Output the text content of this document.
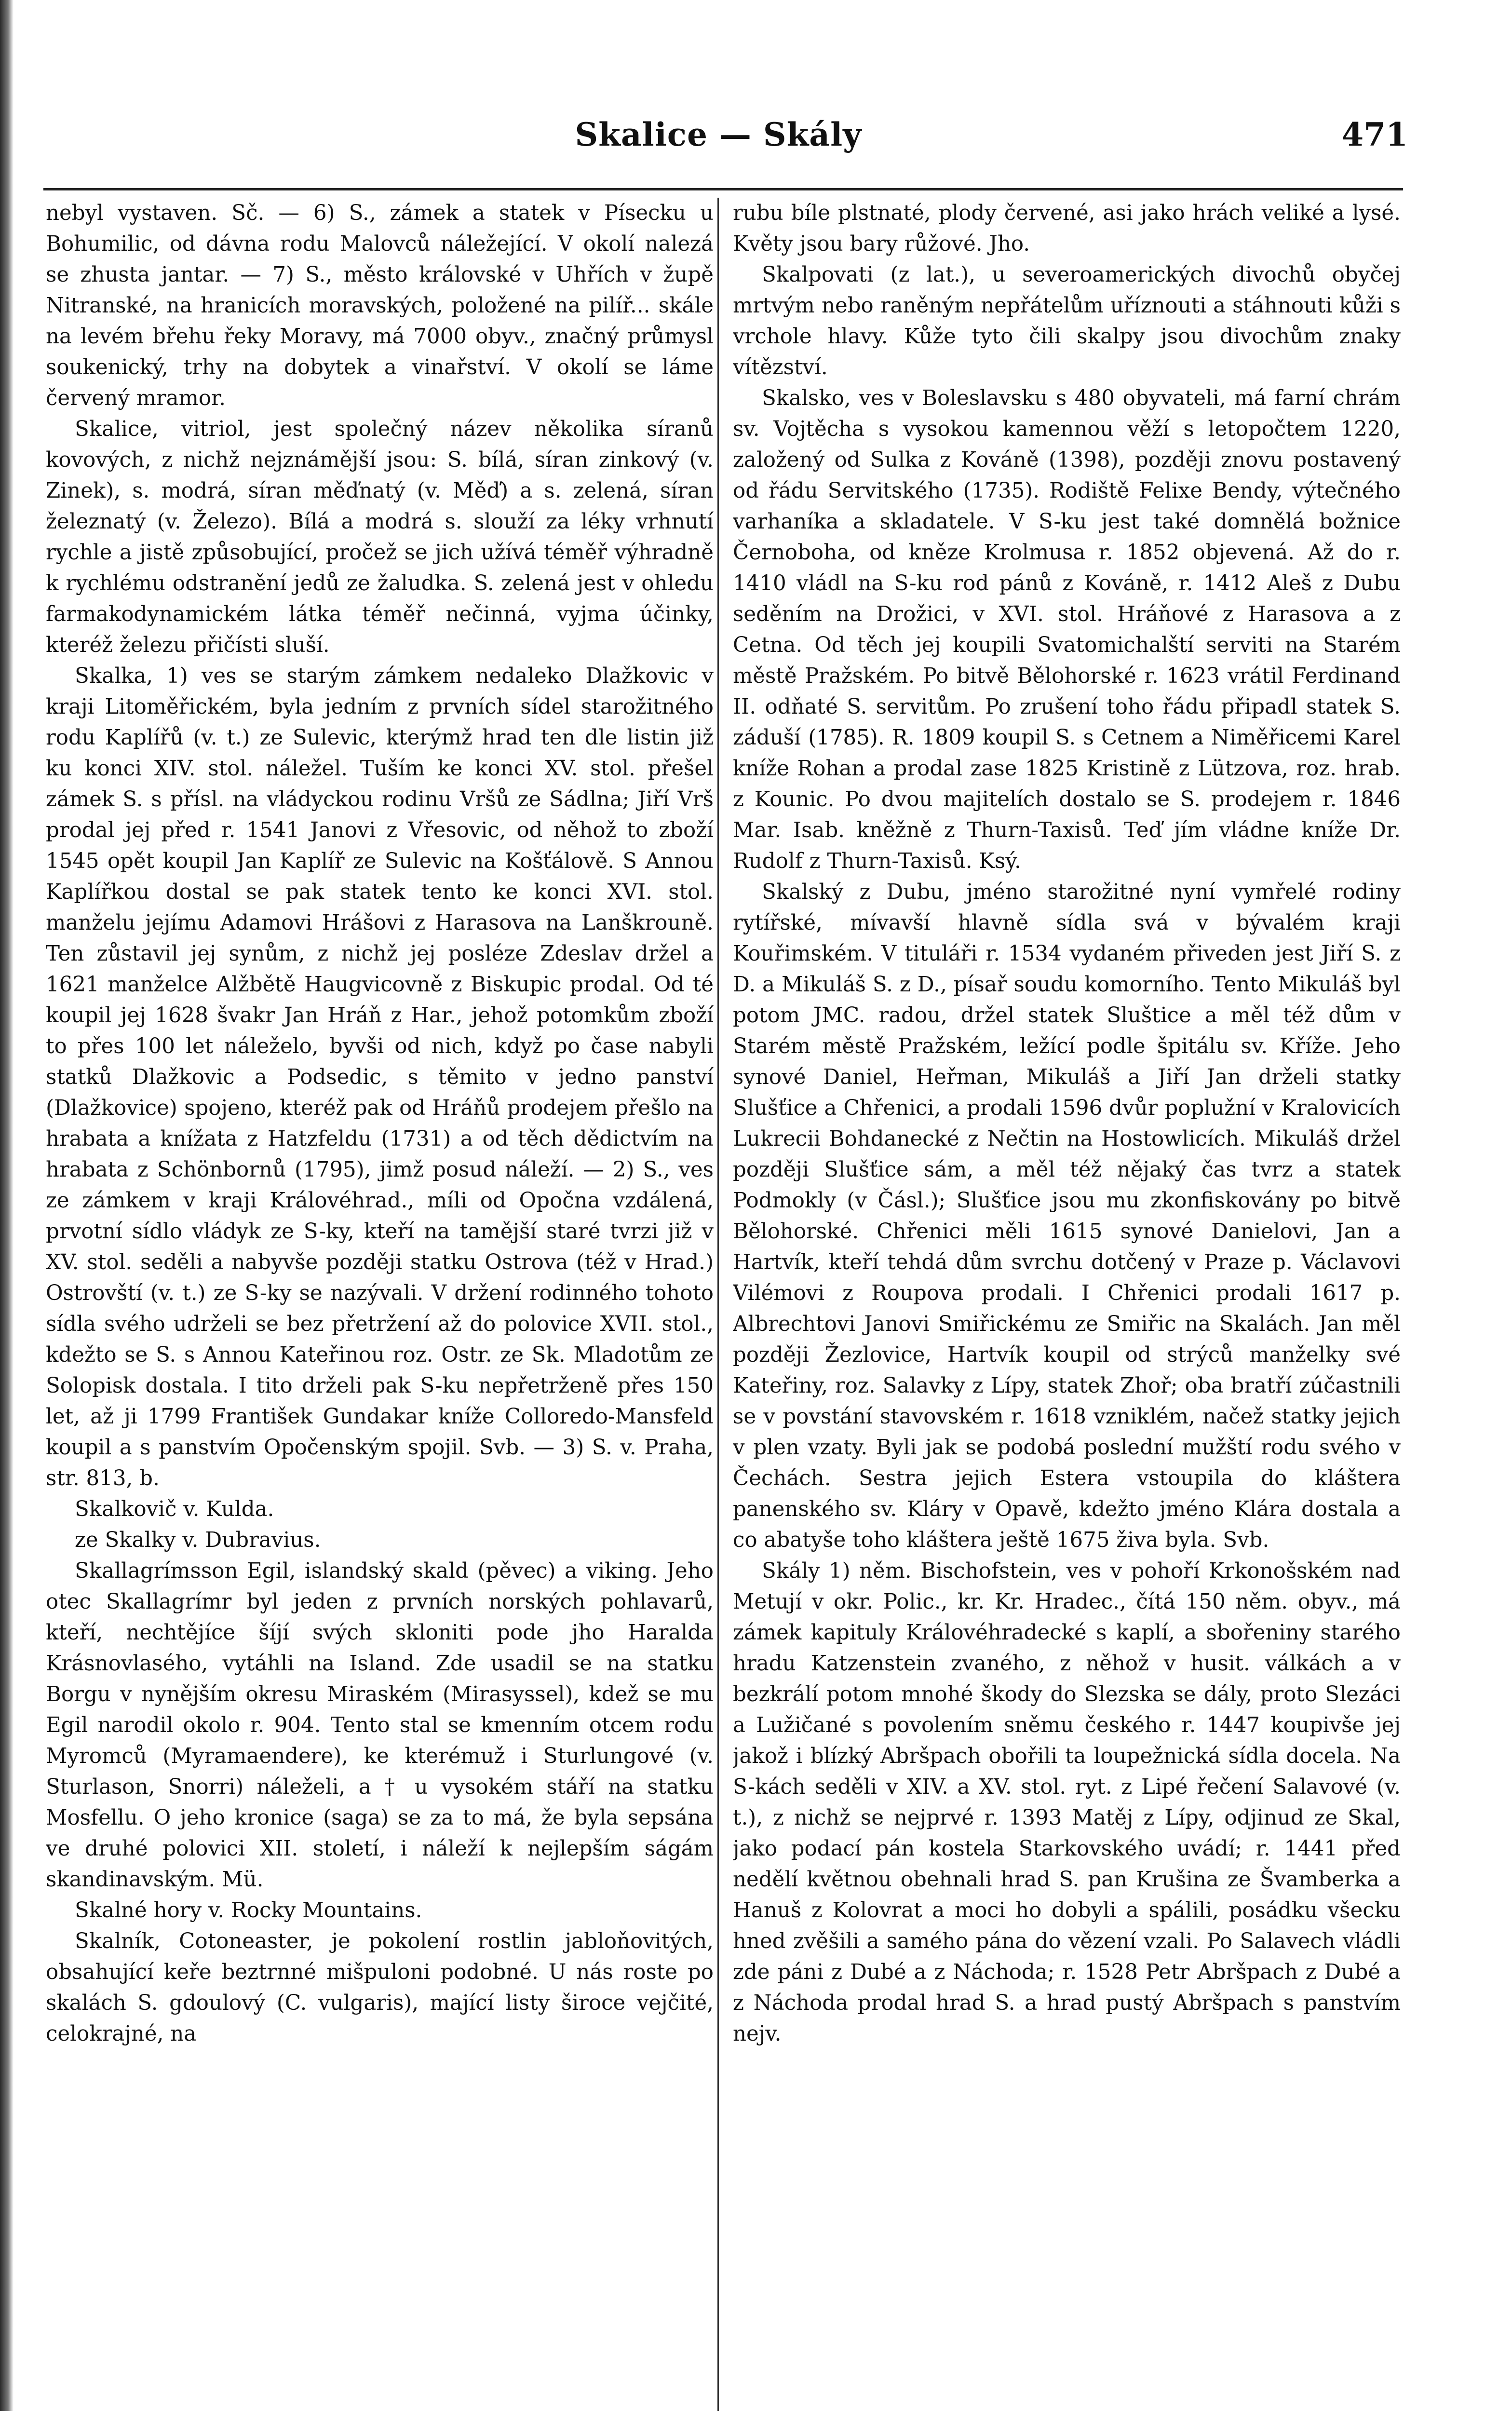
Skalice — Skály	471

nebyl vystaven. Sč. — 6) S., zámek a statek v Písecku u Bohumilic, od dávna rodu Malovců náležející. V okolí nalezá se zhusta jantar. — 7) S., město královské v Uhřích v župě Nitranské, na hranicích moravských, položené na pilíř... skále na levém břehu řeky Moravy, má 7000 obyv., značný průmysl soukenický, trhy na dobytek a vinařství. V okolí se láme červený mramor.

Skalice, vitriol, jest společný název několika síranů kovových, z nichž nejznámější jsou: S. bílá, síran zinkový (v. Zinek), s. modrá, síran měďnatý (v. Měď) a s. zelená, síran železnatý (v. Železo). Bílá a modrá s. slouží za léky vrhnutí rychle a jistě způsobující, pročež se jich užívá téměř výhradně k rychlému odstranění jedů ze žaludka. S. zelená jest v ohledu farmakodynamickém látka téměř nečinná, vyjma účinky, kteréž železu přičísti sluší.

Skalka, 1) ves se starým zámkem nedaleko Dlažkovic v kraji Litoměřickém, byla jedním z prvních sídel starožitného rodu Kaplířů (v. t.) ze Sulevic, kterýmž hrad ten dle listin již ku konci XIV. stol. náležel. Tuším ke konci XV. stol. přešel zámek S. s přísl. na vládyckou rodinu Vršů ze Sádlna; Jiří Vrš prodal jej před r. 1541 Janovi z Vřesovic, od něhož to zboží 1545 opět koupil Jan Kaplíř ze Sulevic na Košťálově. S Annou Kaplířkou dostal se pak statek tento ke konci XVI. stol. manželu jejímu Adamovi Hrášovi z Harasova na Lanškrouně. Ten zůstavil jej synům, z nichž jej posléze Zdeslav držel a 1621 manželce Alžbětě Haugvicovně z Biskupic prodal. Od té koupil jej 1628 švakr Jan Hráň z Har., jehož potomkům zboží to přes 100 let náleželo, byvši od nich, když po čase nabyli statků Dlažkovic a Podsedic, s těmito v jedno panství (Dlažkovice) spojeno, kteréž pak od Hráňů prodejem přešlo na hrabata a knížata z Hatzfeldu (1731) a od těch dědictvím na hrabata z Schönbornů (1795), jimž posud náleží. — 2) S., ves ze zámkem v kraji Královéhrad., míli od Opočna vzdálená, prvotní sídlo vládyk ze S-ky, kteří na tamější staré tvrzi již v XV. stol. seděli a nabyvše později statku Ostrova (též v Hrad.) Ostrovští (v. t.) ze S-ky se nazývali. V držení rodinného tohoto sídla svého udrželi se bez přetržení až do polovice XVII. stol., kdežto se S. s Annou Kateřinou roz. Ostr. ze Sk. Mladotům ze Solopisk dostala. I tito drželi pak S-ku nepřetrženě přes 150 let, až ji 1799 František Gundakar kníže Colloredo-Mansfeld koupil a s panstvím Opočenským spojil. Svb. — 3) S. v. Praha, str. 813, b.

Skalkovič v. Kulda.

ze Skalky v. Dubravius.

Skallagrímsson Egil, islandský skald (pěvec) a viking. Jeho otec Skallagrímr byl jeden z prvních norských pohlavarů, kteří, nechtějíce šíjí svých skloniti pode jho Haralda Krásnovlasého, vytáhli na Island. Zde usadil se na statku Borgu v nynějším okresu Miraském (Mirasyssel), kdež se mu Egil narodil okolo r. 904. Tento stal se kmenním otcem rodu Myromců (Myramaendere), ke kterémuž i Sturlungové (v. Sturlason, Snorri) náleželi, a † u vysokém stáří na statku Mosfellu. O jeho kronice (saga) se za to má, že byla sepsána ve druhé polovici XII. století, i náleží k nejlepším ságám skandinavským. Mü.

Skalné hory v. Rocky Mountains.

Skalník, Cotoneaster, je pokolení rostlin jabloňovitých, obsahující keře beztrnné mišpuloni podobné. U nás roste po skalách S. gdoulový (C. vulgaris), mající listy široce vejčité, celokrajné, na

rubu bíle plstnaté, plody červené, asi jako hrách veliké a lysé. Květy jsou bary růžové. Jho.

Skalpovati (z lat.), u severoamerických divochů obyčej mrtvým nebo raněným nepřátelům uříznouti a stáhnouti kůži s vrchole hlavy. Kůže tyto čili skalpy jsou divochům znaky vítězství.

Skalsko, ves v Boleslavsku s 480 obyvateli, má farní chrám sv. Vojtěcha s vysokou kamennou věží s letopočtem 1220, založený od Sulka z Kováně (1398), později znovu postavený od řádu Servitského (1735). Rodiště Felixe Bendy, výtečného varhaníka a skladatele. V S-ku jest také domnělá božnice Černoboha, od kněze Krolmusa r. 1852 objevená. Až do r. 1410 vládl na S-ku rod pánů z Kováně, r. 1412 Aleš z Dubu seděním na Drožici, v XVI. stol. Hráňové z Harasova a z Cetna. Od těch jej koupili Svatomichalští serviti na Starém městě Pražském. Po bitvě Bělohorské r. 1623 vrátil Ferdinand II. odňaté S. servitům. Po zrušení toho řádu připadl statek S. záduší (1785). R. 1809 koupil S. s Cetnem a Niměřicemi Karel kníže Rohan a prodal zase 1825 Kristině z Lützova, roz. hrab. z Kounic. Po dvou majitelích dostalo se S. prodejem r. 1846 Mar. Isab. kněžně z Thurn-Taxisů. Teď jím vládne kníže Dr. Rudolf z Thurn-Taxisů. Ksý.

Skalský z Dubu, jméno starožitné nyní vymřelé rodiny rytířské, mívavší hlavně sídla svá v bývalém kraji Kouřimském. V tituláři r. 1534 vydaném přiveden jest Jiří S. z D. a Mikuláš S. z D., písař soudu komorního. Tento Mikuláš byl potom JMC. radou, držel statek Sluštice a měl též dům v Starém městě Pražském, ležící podle špitálu sv. Kříže. Jeho synové Daniel, Heřman, Mikuláš a Jiří Jan drželi statky Slušťice a Chřenici, a prodali 1596 dvůr poplužní v Kralovicích Lukrecii Bohdanecké z Nečtin na Hostowlicích. Mikuláš držel později Slušťice sám, a měl též nějaký čas tvrz a statek Podmokly (v Čásl.); Slušťice jsou mu zkonfiskovány po bitvě Bělohorské. Chřenici měli 1615 synové Danielovi, Jan a Hartvík, kteří tehdá dům svrchu dotčený v Praze p. Václavovi Vilémovi z Roupova prodali. I Chřenici prodali 1617 p. Albrechtovi Janovi Smiřickému ze Smiřic na Skalách. Jan měl později Žezlovice, Hartvík koupil od strýců manželky své Kateřiny, roz. Salavky z Lípy, statek Zhoř; oba bratří zúčastnili se v povstání stavovském r. 1618 vzniklém, načež statky jejich v plen vzaty. Byli jak se podobá poslední mužští rodu svého v Čechách. Sestra jejich Estera vstoupila do kláštera panenského sv. Kláry v Opavě, kdežto jméno Klára dostala a co abatyše toho kláštera ještě 1675 živa byla. Svb.

Skály 1) něm. Bischofstein, ves v pohoří Krkonošském nad Metují v okr. Polic., kr. Kr. Hradec., čítá 150 něm. obyv., má zámek kapituly Královéhradecké s kaplí, a sbořeniny starého hradu Katzenstein zvaného, z něhož v husit. válkách a v bezkrálí potom mnohé škody do Slezska se dály, proto Slezáci a Lužičané s povolením sněmu českého r. 1447 koupivše jej jakož i blízký Abršpach obořili ta loupežnická sídla docela. Na S-kách seděli v XIV. a XV. stol. ryt. z Lipé řečení Salavové (v. t.), z nichž se nejprvé r. 1393 Matěj z Lípy, odjinud ze Skal, jako podací pán kostela Starkovského uvádí; r. 1441 před nedělí květnou obehnali hrad S. pan Krušina ze Švamberka a Hanuš z Kolovrat a moci ho dobyli a spálili, posádku všecku hned zvěšili a samého pána do vězení vzali. Po Salavech vládli zde páni z Dubé a z Náchoda; r. 1528 Petr Abršpach z Dubé a z Náchoda prodal hrad S. a hrad pustý Abršpach s panstvím nejv.
